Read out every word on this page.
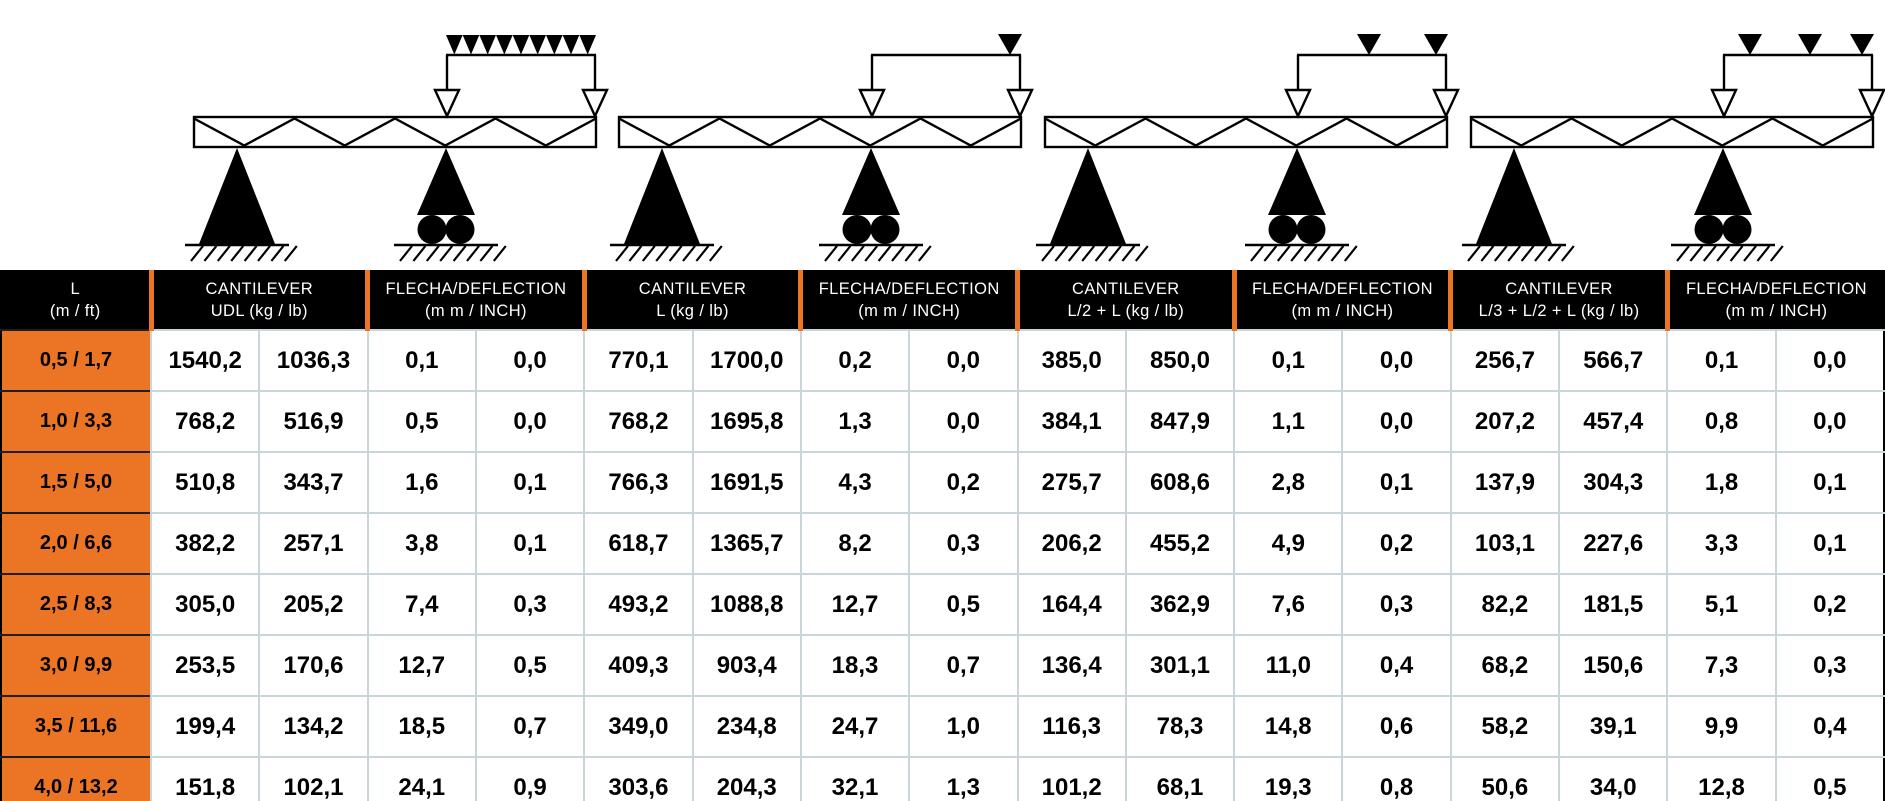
L
(m / ft)

CANTILEVER
UDL (kg / lb)

FLECHA/DEFLECTION
(m m / INCH)

CANTILEVER
L (kg / lb)

FLECHA/DEFLECTION
(m m / INCH)

CANTILEVER
L/2 + L (kg / lb)

FLECHA/DEFLECTION
(m m / INCH)

CANTILEVER
L/3 + L/2 + L (kg / lb)

FLECHA/DEFLECTION
(m m / INCH)

0,5 / 1,7	1540,2	1036,3	0,1	0,0	770,1	1700,0	0,2	0,0	385,0	850,0	0,1	0,0	256,7	566,7	0,1	0,0
1,0 / 3,3	768,2	516,9	0,5	0,0	768,2	1695,8	1,3	0,0	384,1	847,9	1,1	0,0	207,2	457,4	0,8	0,0
1,5 / 5,0	510,8	343,7	1,6	0,1	766,3	1691,5	4,3	0,2	275,7	608,6	2,8	0,1	137,9	304,3	1,8	0,1
2,0 / 6,6	382,2	257,1	3,8	0,1	618,7	1365,7	8,2	0,3	206,2	455,2	4,9	0,2	103,1	227,6	3,3	0,1
2,5 / 8,3	305,0	205,2	7,4	0,3	493,2	1088,8	12,7	0,5	164,4	362,9	7,6	0,3	82,2	181,5	5,1	0,2
3,0 / 9,9	253,5	170,6	12,7	0,5	409,3	903,4	18,3	0,7	136,4	301,1	11,0	0,4	68,2	150,6	7,3	0,3
3,5 / 11,6	199,4	134,2	18,5	0,7	349,0	234,8	24,7	1,0	116,3	78,3	14,8	0,6	58,2	39,1	9,9	0,4
4,0 / 13,2	151,8	102,1	24,1	0,9	303,6	204,3	32,1	1,3	101,2	68,1	19,3	0,8	50,6	34,0	12,8	0,5
